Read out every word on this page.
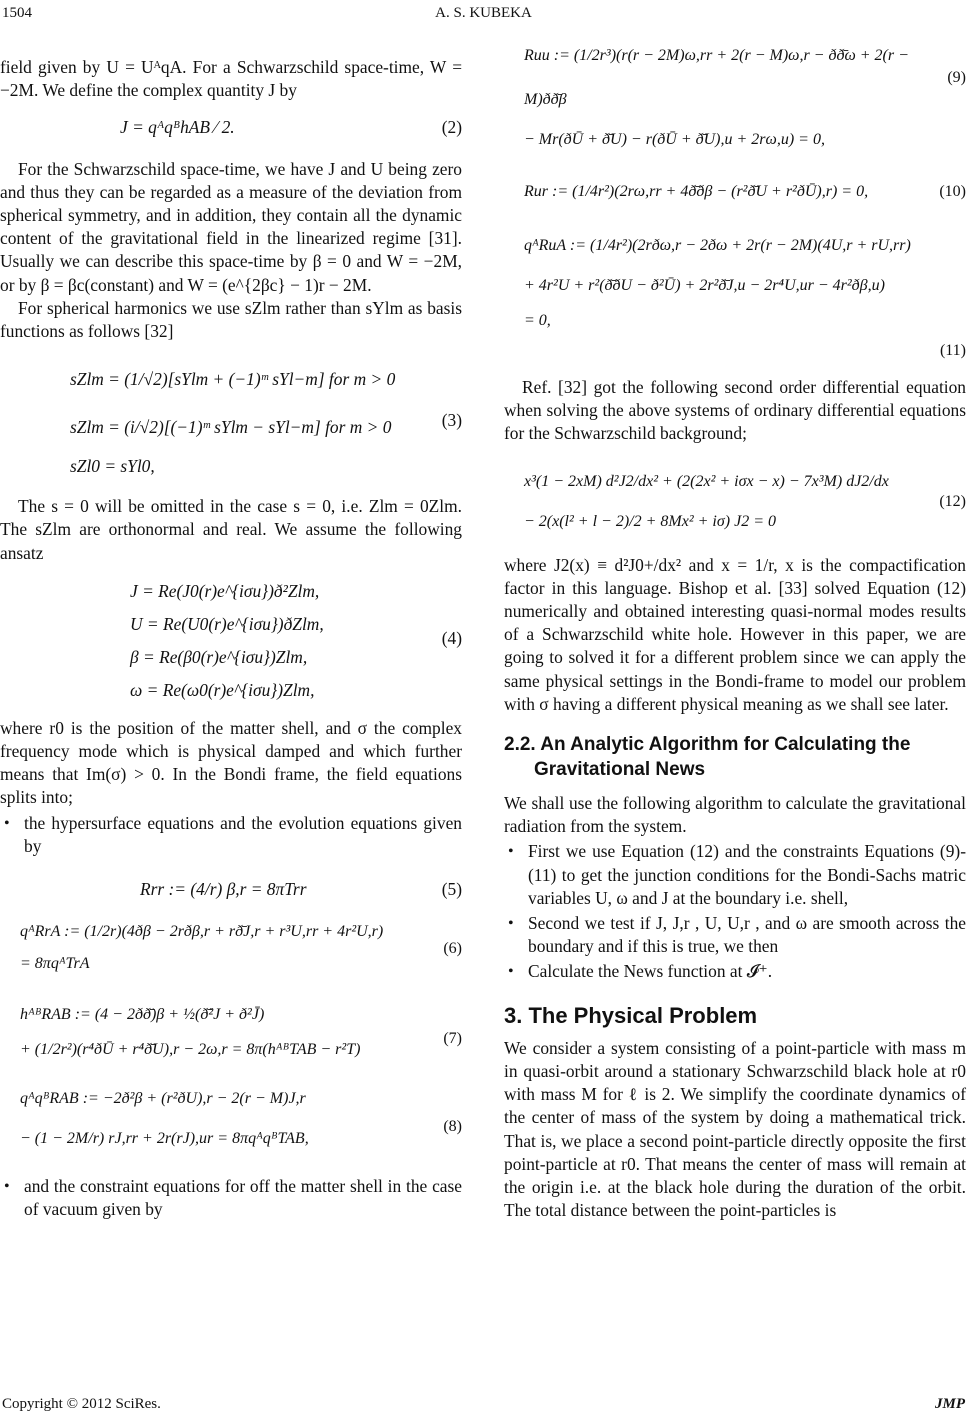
1504	A. S. KUBEKA

field given by U = UᴬqA. For a Schwarzschild space-time, W = −2M. We define the complex quantity J by

J = qᴬqᴮhAB ⁄ 2.	(2)

For the Schwarzschild space-time, we have J and U being zero and thus they can be regarded as a measure of the deviation from spherical symmetry, and in addition, they contain all the dynamic content of the gravitational field in the linearized regime [31]. Usually we can describe this space-time by β = 0 and W = −2M, or by β = βc(constant) and W = (e^{2βc} − 1)r − 2M.

For spherical harmonics we use sZlm rather than sYlm as basis functions as follows [32]

sZlm = (1/√2)[sYlm + (−1)ᵐ sYl−m] for m > 0
sZlm = (i/√2)[(−1)ᵐ sYlm − sYl−m] for m > 0
sZl0 = sYl0,
(3)

The s = 0 will be omitted in the case s = 0, i.e. Zlm = 0Zlm. The sZlm are orthonormal and real. We assume the following ansatz

J = Re(J0(r)e^{iσu})ð²Zlm,
U = Re(U0(r)e^{iσu})ðZlm,
β = Re(β0(r)e^{iσu})Zlm,
ω = Re(ω0(r)e^{iσu})Zlm,
(4)

where r0 is the position of the matter shell, and σ the complex frequency mode which is physical damped and which further means that Im(σ) > 0. In the Bondi frame, the field equations splits into;

• the hypersurface equations and the evolution equations given by
Rrr := (4/r) β,r = 8πTrr	(5)
qᴬRrA := (1/2r)(4ðβ − 2rðβ,r + rð̄J,r + r³U,rr + 4r²U,r)
= 8πqᴬTrA
(6)
hᴬᴮRAB := (4 − 2ðð̄)β + ½(ð̄²J + ð²J̄)
+ (1/2r²)(r⁴ðŪ + r⁴ð̄U),r − 2ω,r = 8π(hᴬᴮTAB − r²T)
(7)
qᴬqᴮRAB := −2ð²β + (r²ðU),r − 2(r − M)J,r
− (1 − 2M/r) rJ,rr + 2r(rJ),ur = 8πqᴬqᴮTAB,
(8)
• and the constraint equations for off the matter shell in the case of vacuum given by
Ruu := (1/2r³)(r(r − 2M)ω,rr + 2(r − M)ω,r − ðð̄ω + 2(r − M)ðð̄β
− Mr(ðŪ + ð̄U) − r(ðŪ + ð̄U),u + 2rω,u) = 0,
(9)
Rur := (1/4r²)(2rω,rr + 4ð̄ðβ − (r²ð̄U + r²ðŪ),r) = 0,	(10)
qᴬRuA := (1/4r²)(2rðω,r − 2ðω + 2r(r − 2M)(4U,r + rU,rr)
+ 4r²U + r²(ð̄ðU − ð²Ū) + 2r²ð̄J,u − 2r⁴U,ur − 4r²ðβ,u)
= 0,
(11)

Ref. [32] got the following second order differential equation when solving the above systems of ordinary differential equations for the Schwarzschild background;

x³(1 − 2xM) d²J2/dx² + (2(2x² + iσx − x) − 7x³M) dJ2/dx
− 2(x(l² + l − 2)/2 + 8Mx² + iσ) J2 = 0
(12)

where J2(x) ≡ d²J0+/dx² and x = 1/r, x is the compactification factor in this language. Bishop et al. [33] solved Equation (12) numerically and obtained interesting quasi-normal modes results of a Schwarzschild white hole. However in this paper, we are going to solved it for a different problem since we can apply the same physical settings in the Bondi-frame to model our problem with σ having a different physical meaning as we shall see later.

2.2. An Analytic Algorithm for Calculating the Gravitational News

We shall use the following algorithm to calculate the gravitational radiation from the system.

• First we use Equation (12) and the constraints Equations (9)-(11) to get the junction conditions for the Bondi-Sachs matric variables U, ω and J at the boundary i.e. shell,
• Second we test if J, J,r , U, U,r , and ω are smooth across the boundary and if this is true, we then
• Calculate the News function at 𝓘⁺.
3. The Physical Problem

We consider a system consisting of a point-particle with mass m in quasi-orbit around a stationary Schwarzschild black hole at r0 with mass M for ℓ is 2. We simplify the coordinate dynamics of the center of mass of the system by doing a mathematical trick. That is, we place a second point-particle directly opposite the first point-particle at r0. That means the center of mass will remain at the origin i.e. at the black hole during the duration of the orbit. The total distance between the point-particles is

Copyright © 2012 SciRes.	JMP
